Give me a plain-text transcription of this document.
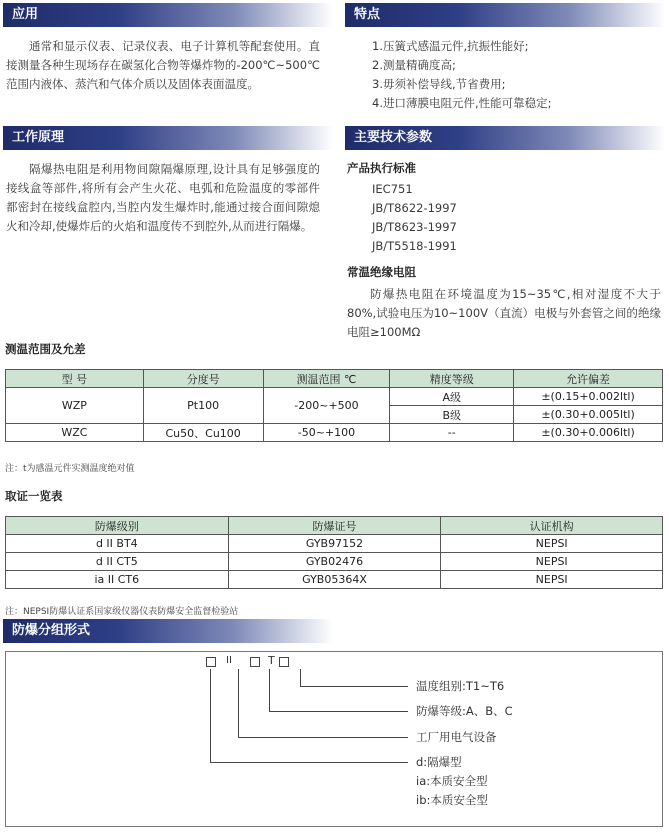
应用
通常和显示仪表、记录仪表、电子计算机等配套使用。直接测量各种生现场存在碳氢化合物等爆炸物的-200℃~500℃范围内液体、蒸汽和气体介质以及固体表面温度。
特点
1.压簧式感温元件,抗振性能好;
2.测量精确度高;
3.毋须补偿导线,节省费用;
4.进口薄膜电阻元件,性能可靠稳定;
工作原理
隔爆热电阻是利用物间隙隔爆原理,设计具有足够强度的接线盒等部件,将所有会产生火花、电弧和危险温度的零部件都密封在接线盒腔内,当腔内发生爆炸时,能通过接合面间隙熄火和冷却,使爆炸后的火焰和温度传不到腔外,从而进行隔爆。
主要技术参数
产品执行标准
IEC751
JB/T8622-1997
JB/T8623-1997
JB/T5518-1991
常温绝缘电阻
防爆热电阻在环境温度为15~35℃,相对湿度不大于80%,试验电压为10~100V（直流）电极与外套管之间的绝缘电阻≥100MΩ
测温范围及允差
型 号	分度号	测温范围 ℃	精度等级	允许偏差
WZP	Pt100	-200~+500	A级	±(0.15+0.002ltl)
			B级	±(0.30+0.005ltl)
WZC	Cu50、Cu100	-50~+100	--	±(0.30+0.006ltl)
注：t为感温元件实测温度绝对值
取证一览表
防爆级别	防爆证号	认证机构
d II BT4	GYB97152	NEPSI
d II CT5	GYB02476	NEPSI
ia II CT6	GYB05364X	NEPSI
注：NEPSI防爆认证系国家级仪器仪表防爆安全监督检验站
防爆分组形式
II	T
温度组别:T1~T6
防爆等级:A、B、C
工厂用电气设备
d:隔爆型
ia:本质安全型
ib:本质安全型
